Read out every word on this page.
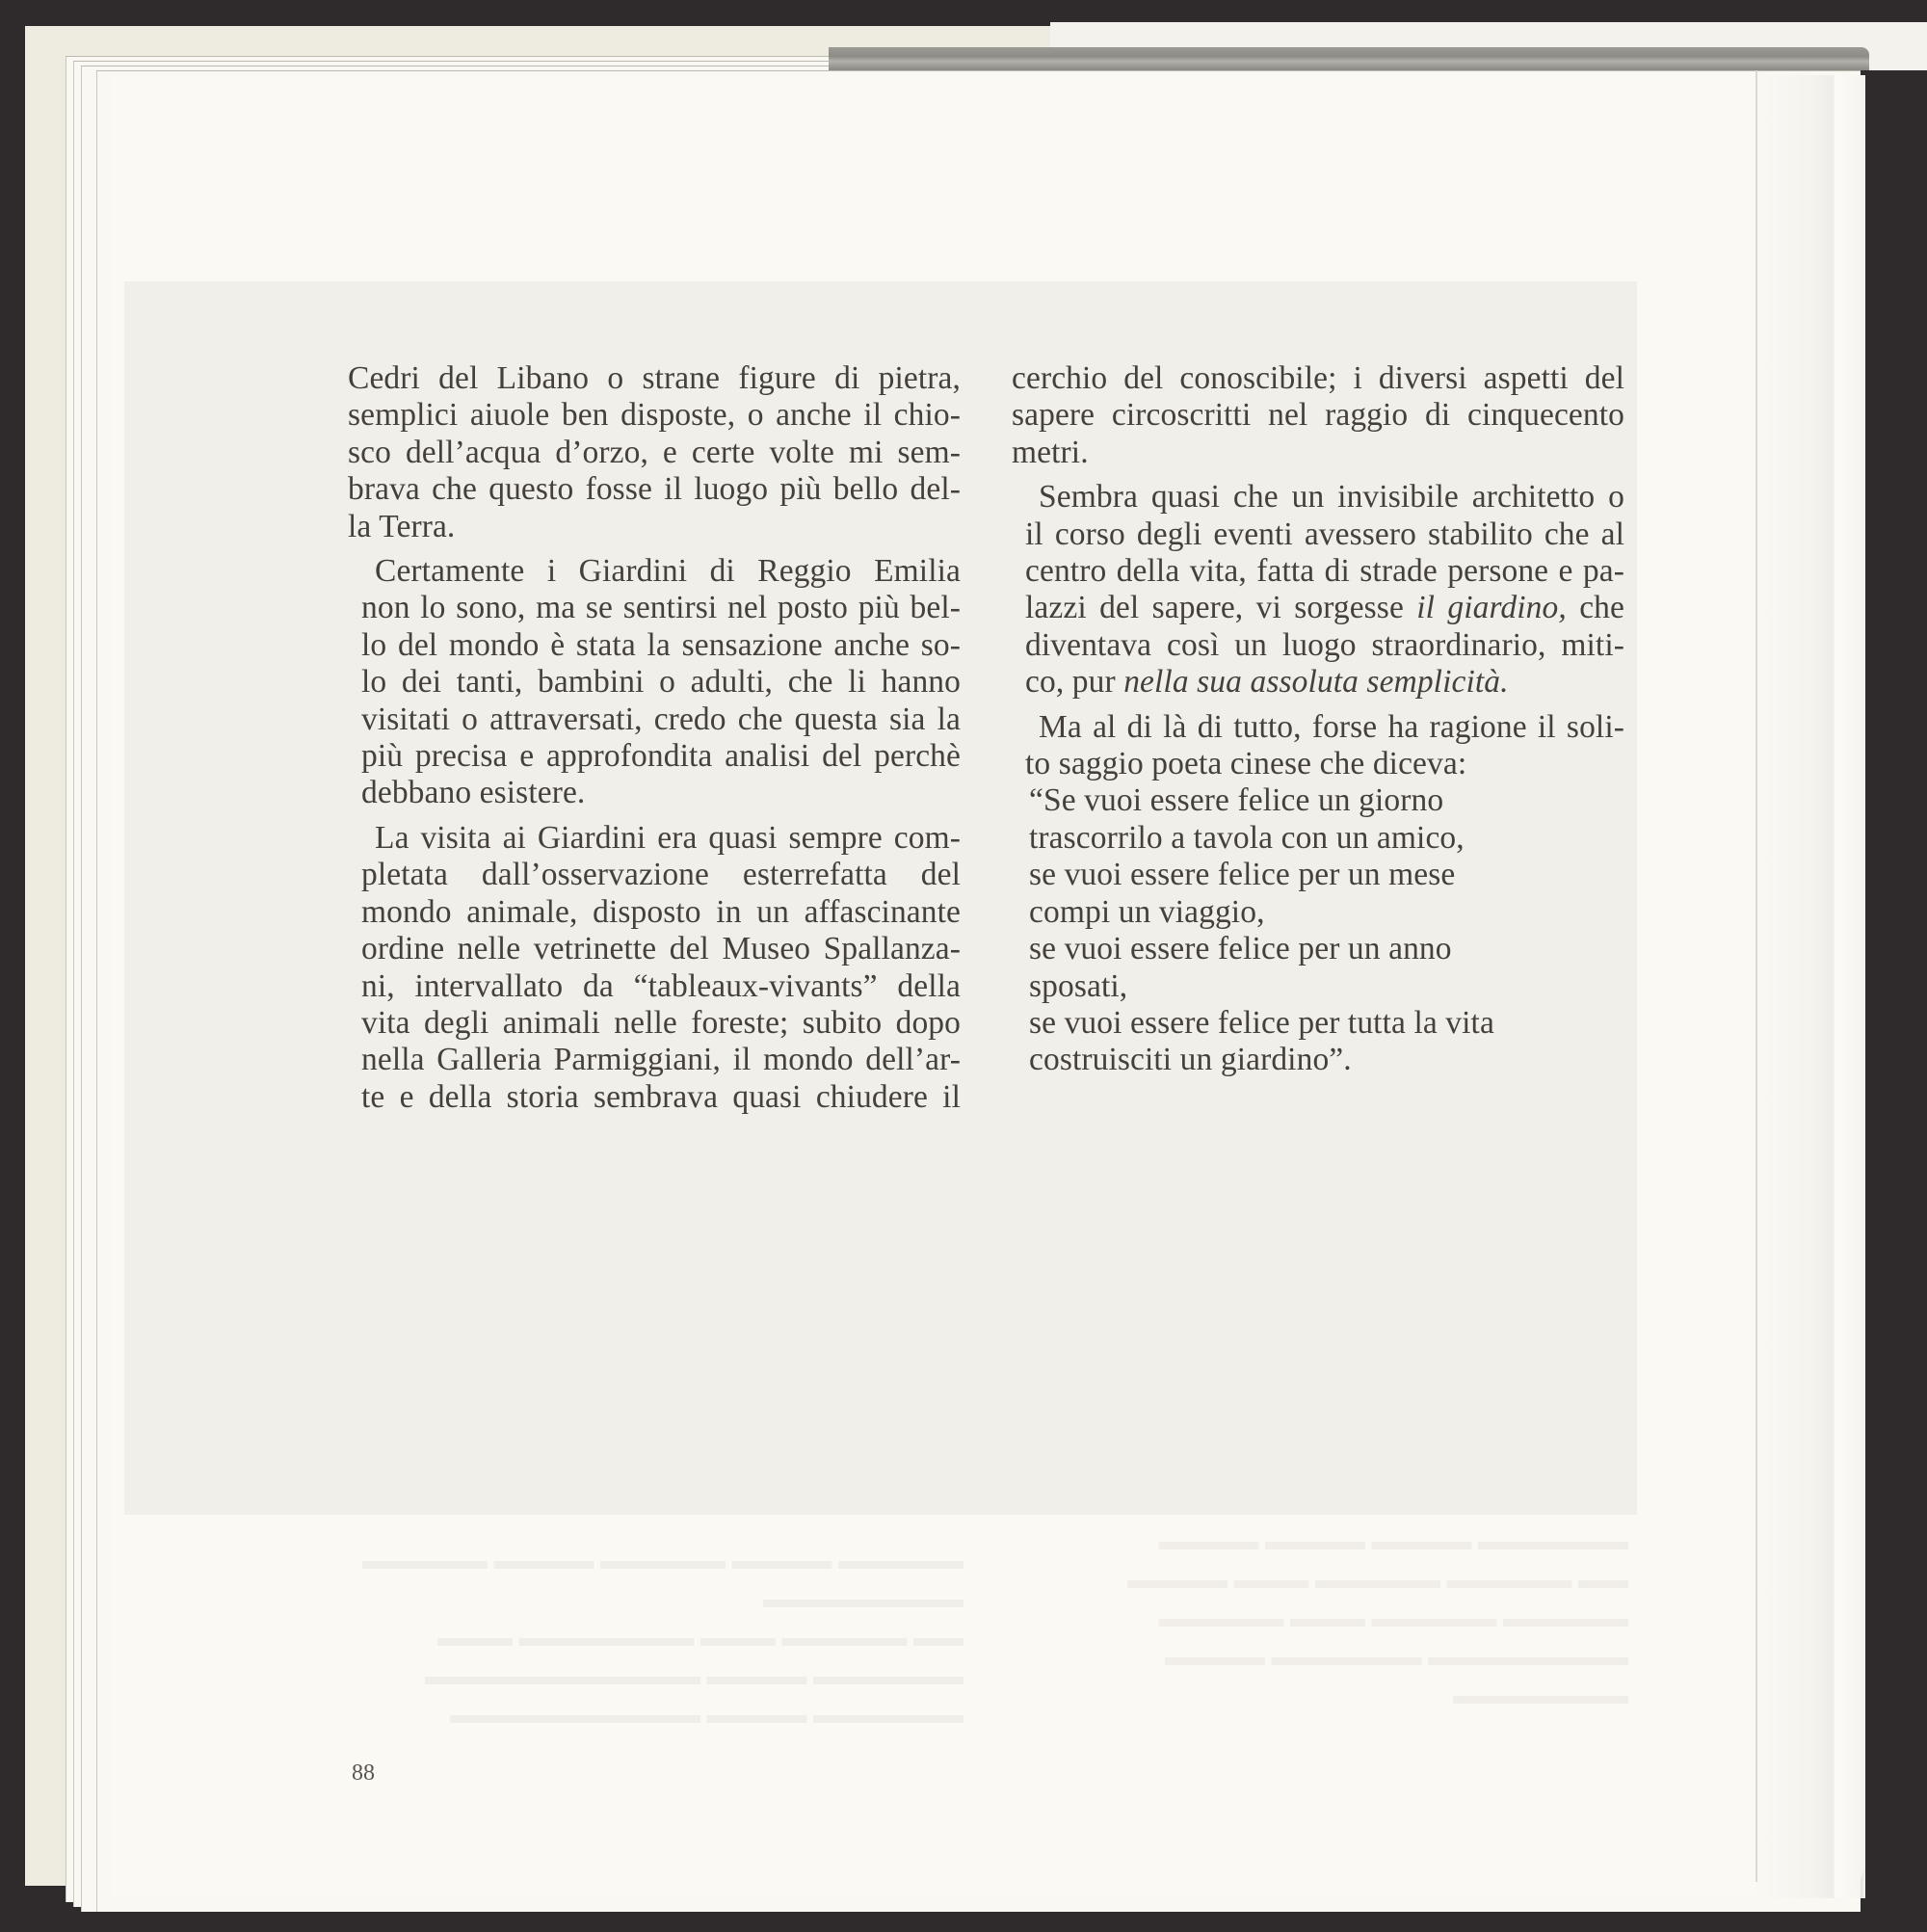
▬▬▬▬▬ ▬▬▬▬ ▬▬▬▬▬ ▬▬▬▬ ▬▬▬▬▬
▬▬▬▬▬▬▬▬
▬▬ ▬▬▬▬▬ ▬▬▬ ▬▬▬▬▬▬▬ ▬▬▬
▬▬▬▬▬▬ ▬▬▬▬ ▬▬▬▬▬▬▬▬▬▬▬
▬▬▬▬▬▬ ▬▬▬▬ ▬▬▬▬▬▬▬▬▬▬
▬▬▬▬▬▬ ▬▬▬▬ ▬▬▬▬ ▬▬▬▬
▬▬ ▬▬▬▬▬ ▬▬▬▬▬ ▬▬▬ ▬▬▬▬
▬▬▬▬▬ ▬▬▬▬▬ ▬▬▬ ▬▬▬▬▬
▬▬▬▬▬▬▬▬ ▬▬▬▬▬▬ ▬▬▬▬
▬▬▬▬▬▬▬
Cedri del Libano o strane figure di pietra,
semplici aiuole ben disposte, o anche il chio-
sco dell’acqua d’orzo, e certe volte mi sem-
brava che questo fosse il luogo più bello del-
la Terra.
Certamente i Giardini di Reggio Emilia
non lo sono, ma se sentirsi nel posto più bel-
lo del mondo è stata la sensazione anche so-
lo dei tanti, bambini o adulti, che li hanno
visitati o attraversati, credo che questa sia la
più precisa e approfondita analisi del perchè
debbano esistere.
La visita ai Giardini era quasi sempre com-
pletata dall’osservazione esterrefatta del
mondo animale, disposto in un affascinante
ordine nelle vetrinette del Museo Spallanza-
ni, intervallato da “tableaux-vivants” della
vita degli animali nelle foreste; subito dopo
nella Galleria Parmiggiani, il mondo dell’ar-
te e della storia sembrava quasi chiudere il
cerchio del conoscibile; i diversi aspetti del
sapere circoscritti nel raggio di cinquecento
metri.
Sembra quasi che un invisibile architetto o
il corso degli eventi avessero stabilito che al
centro della vita, fatta di strade persone e pa-
lazzi del sapere, vi sorgesse il giardino, che
diventava così un luogo straordinario, miti-
co, pur nella sua assoluta semplicità.
Ma al di là di tutto, forse ha ragione il soli-
to saggio poeta cinese che diceva:
“Se vuoi essere felice un giorno
trascorrilo a tavola con un amico,
se vuoi essere felice per un mese
compi un viaggio,
se vuoi essere felice per un anno
sposati,
se vuoi essere felice per tutta la vita
costruisciti un giardino”.
88
